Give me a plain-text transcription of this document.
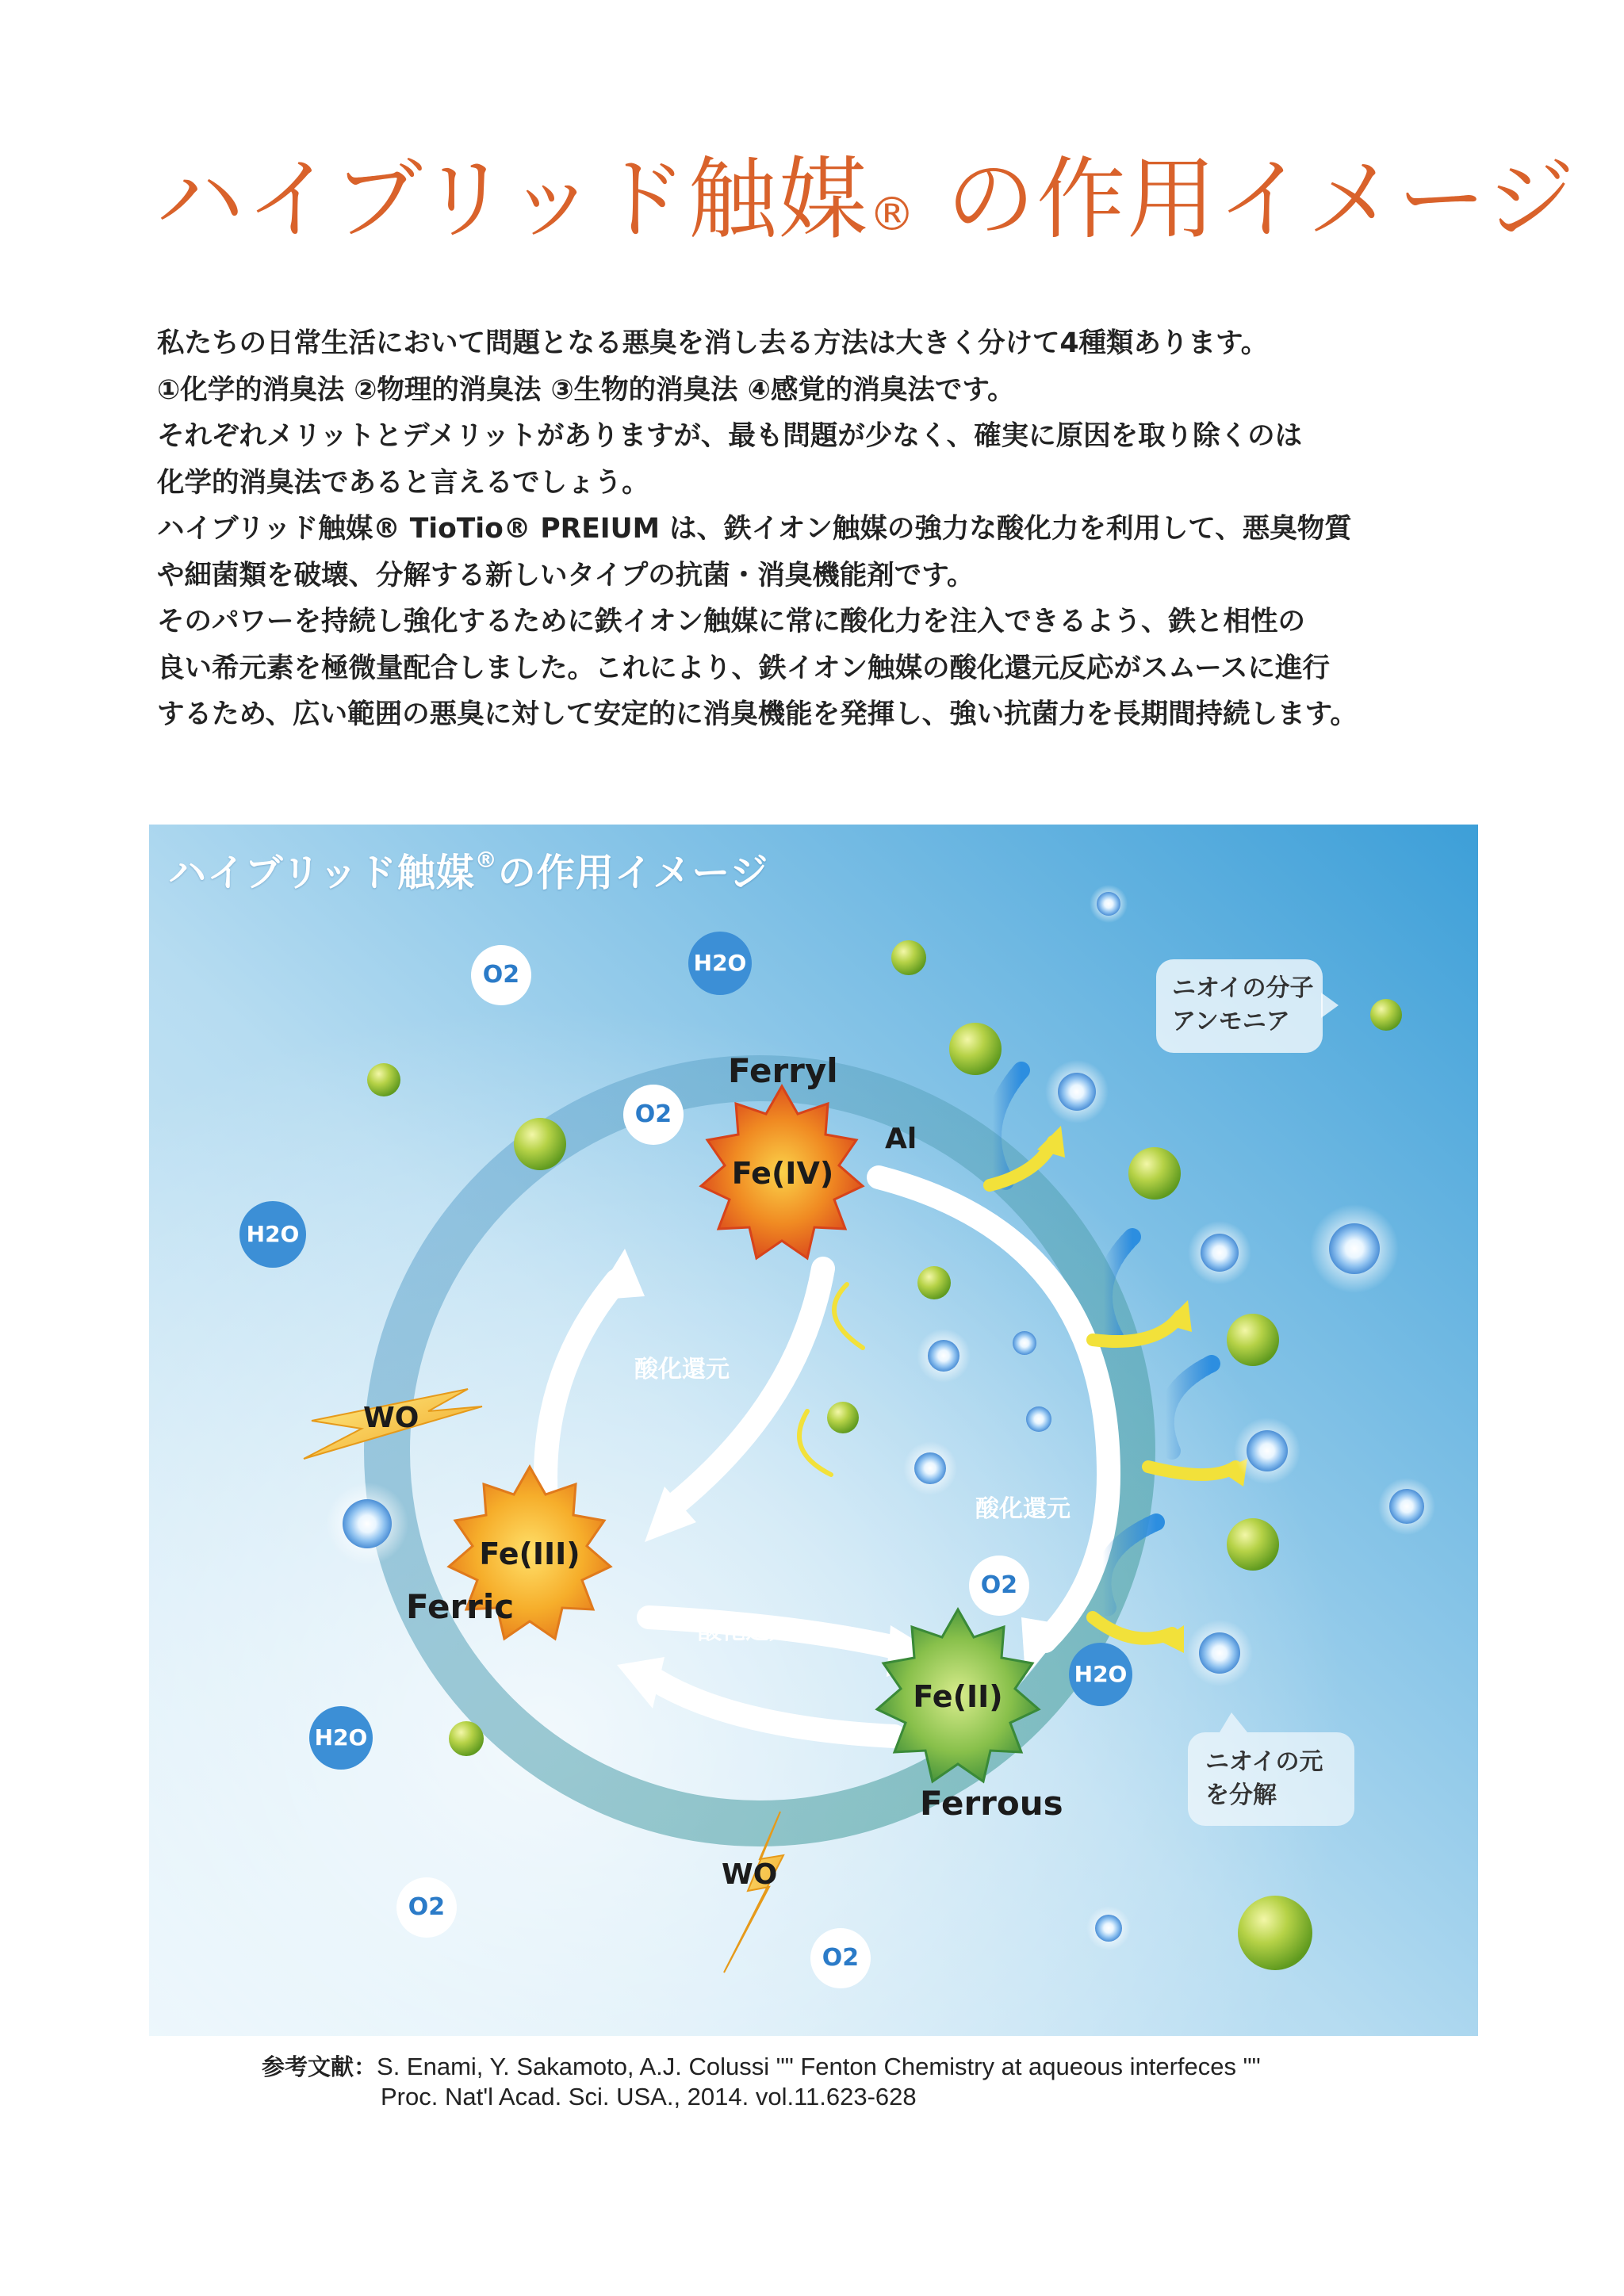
ハイブリッド触媒® の作用イメージ

私たちの日常生活において問題となる悪臭を消し去る方法は大きく分けて4種類あります。

①化学的消臭法 ②物理的消臭法 ③生物的消臭法 ④感覚的消臭法です。

それぞれメリットとデメリットがありますが、最も問題が少なく、確実に原因を取り除くのは

化学的消臭法であると言えるでしょう。

ハイブリッド触媒® TioTio® PREIUM は、鉄イオン触媒の強力な酸化力を利用して、悪臭物質

や細菌類を破壊、分解する新しいタイプの抗菌・消臭機能剤です。

そのパワーを持続し強化するために鉄イオン触媒に常に酸化力を注入できるよう、鉄と相性の

良い希元素を極微量配合しました。これにより、鉄イオン触媒の酸化還元反応がスムースに進行

するため、広い範囲の悪臭に対して安定的に消臭機能を発揮し、強い抗菌力を長期間持続します。

ハイブリッド触媒®の作用イメージ
Ferryl
Fe(IV)
Al
Fe(III)
Ferric
Fe(II)
Ferrous
酸化還元
酸化還元
酸化還元
WO
WO
O2
O2
O2
O2
O2
H2O
H2O
H2O
H2O
ニオイの分子
アンモニア
ニオイの元
を分解
参考文献：S. Enami, Y. Sakamoto, A.J. Colussi "" Fenton Chemistry at aqueous interfeces ""
Proc. Nat'l Acad. Sci. USA., 2014. vol.11.623-628
